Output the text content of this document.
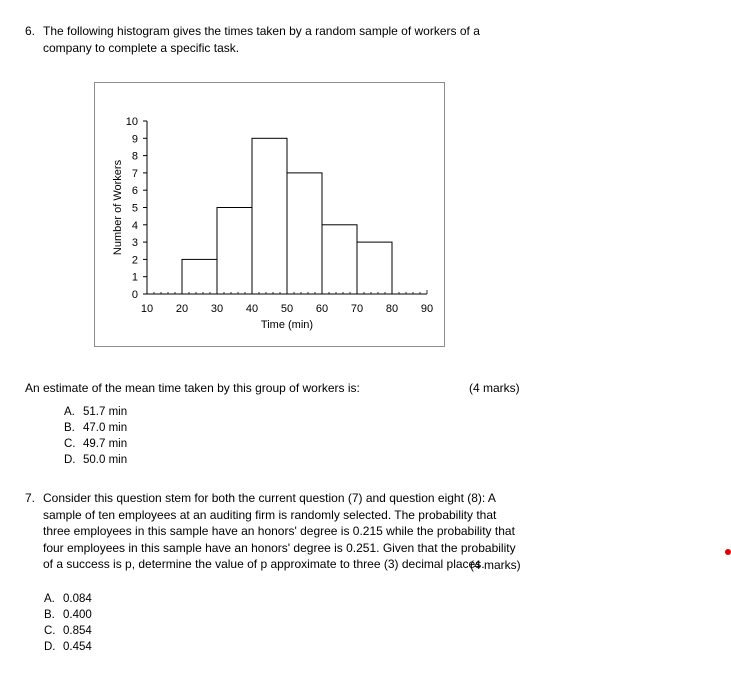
6. The following histogram gives the times taken by a random sample of workers of a company to complete a specific task.
0
1
2
3
4
5
6
7
8
9
10
10 20 30 40 50 60 70 80 90
Time (min)
Number of Workers
An estimate of the mean time taken by this group of workers is:	(4 marks)
A. 51.7 min
B. 47.0 min
C. 49.7 min
D. 50.0 min
7. Consider this question stem for both the current question (7) and question eight (8): A sample of ten employees at an auditing firm is randomly selected. The probability that three employees in this sample have an honors' degree is 0.215 while the probability that four employees in this sample have an honors' degree is 0.251. Given that the probability of a success is p, determine the value of p approximate to three (3) decimal places.
(4 marks)
A. 0.084
B. 0.400
C. 0.854
D. 0.454
